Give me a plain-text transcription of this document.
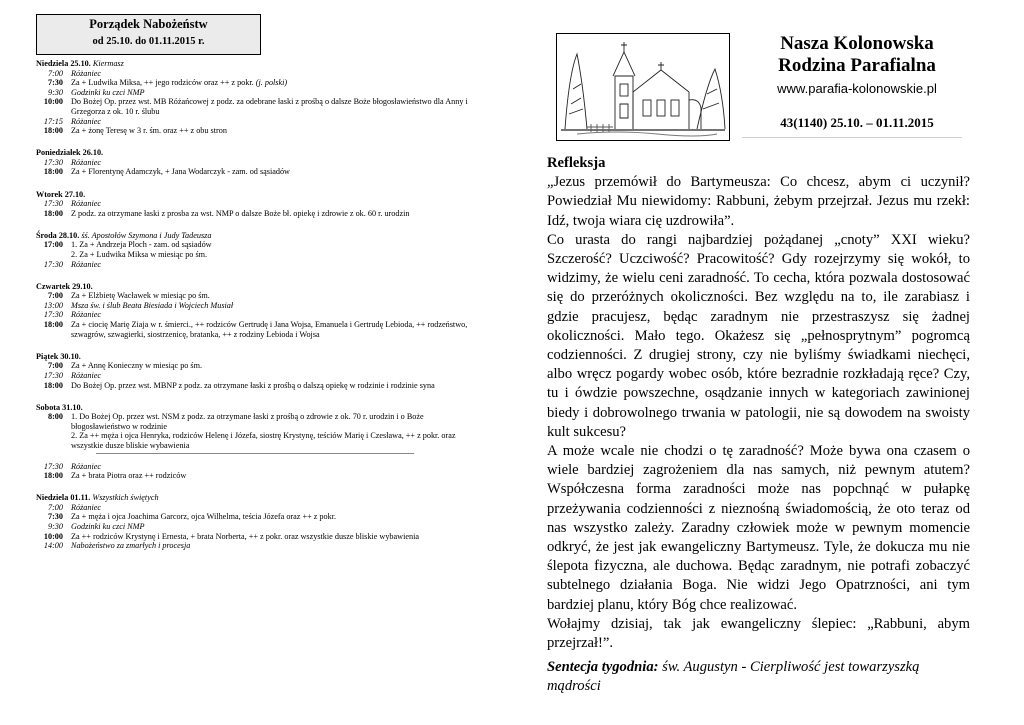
Porządek Nabożeństw
od 25.10. do 01.11.2015 r.
Niedziela 25.10. Kiermasz
7:00 Różaniec
7:30 Za + Ludwika Miksa, ++ jego rodziców oraz ++ z pokr. (j. polski)
9:30 Godzinki ku czci NMP
10:00 Do Bożej Op. przez wst. MB Różańcowej z podz. za odebrane łaski z prośbą o dalsze Boże błogosławieństwo dla Anny i Grzegorza z ok. 10 r. ślubu
17:15 Różaniec
18:00 Za + żonę Teresę w 3 r. śm. oraz ++ z obu stron
Poniedziałek 26.10.
17:30 Różaniec
18:00 Za + Florentynę Adamczyk, + Jana Wodarczyk - zam. od sąsiadów
Wtorek 27.10.
17:30 Różaniec
18:00 Z podz. za otrzymane łaski z prosba za wst. NMP o dalsze Boże bł. opiekę i zdrowie z ok. 60 r. urodzin
Środa 28.10. śś. Apostołów Szymona i Judy Tadeusza
17:00 1. Za + Andrzeja Ploch - zam. od sąsiadów
2. Za + Ludwika Miksa w miesiąc po śm.
17:30 Różaniec
Czwartek 29.10.
7:00 Za + Elżbietę Wacławek w miesiąc po śm.
13:00 Msza św. i ślub Beata Biesiada i Wojciech Musiał
17:30 Różaniec
18:00 Za + ciocię Marię Ziaja w r. śmierci., ++ rodziców Gertrudę i Jana Wojsa, Emanuela i Gertrudę Lebioda, ++ rodzeństwo, szwagrów, szwagierki, siostrzenicę, bratanka, ++ z rodziny Lebioda i Wojsa
Piątek 30.10.
7:00 Za + Annę Konieczny w miesiąc po śm.
17:30 Różaniec
18:00 Do Bożej Op. przez wst. MBNP z podz. za otrzymane łaski z prośbą o dalszą opiekę w rodzinie i rodzinie syna
Sobota 31.10.
8:00 1. Do Bożej Op. przez wst. NSM z podz. za otrzymane łaski z prośbą o zdrowie z ok. 70 r. urodzin i o Boże błogosławieństwo w rodzinie
2. Za ++ męża i ojca Henryka, rodziców Helenę i Józefa, siostrę Krystynę, teściów Marię i Czesława, ++ z pokr. oraz wszystkie dusze bliskie wybawienia
17:30 Różaniec
18:00 Za + brata Piotra oraz ++ rodziców
Niedziela 01.11. Wszystkich świętych
7:00 Różaniec
7:30 Za + męża i ojca Joachima Garcorz, ojca Wilhelma, teścia Józefa oraz ++ z pokr.
9:30 Godzinki ku czci NMP
10:00 Za ++ rodziców Krystynę i Ernesta, + brata Norberta, ++ z pokr. oraz wszystkie dusze bliskie wybawienia
14:00 Nabożeństwo za zmarłych i procesja
Nasza Kolonowska
Rodzina Parafialna
www.parafia-kolonowskie.pl
43(1140) 25.10. – 01.11.2015
Refleksja

„Jezus przemówił do Bartymeusza: Co chcesz, abym ci uczynił? Powiedział Mu niewidomy: Rabbuni, żebym przejrzał. Jezus mu rzekł: Idź, twoja wiara cię uzdrowiła”.

Co urasta do rangi najbardziej pożądanej „cnoty” XXI wieku? Szczerość? Uczciwość? Pracowitość? Gdy rozejrzymy się wokół, to widzimy, że wielu ceni zaradność. To cecha, która pozwala dostosować się do przeróżnych okoliczności. Bez względu na to, ile zarabiasz i gdzie pracujesz, będąc zaradnym nie przestraszysz się żadnej okoliczności. Mało tego. Okażesz się „pełnosprytnym” pogromcą codzienności. Z drugiej strony, czy nie byliśmy świadkami niechęci, albo wręcz pogardy wobec osób, które bezradnie rozkładają ręce? Czy, tu i ówdzie powszechne, osądzanie innych w kategoriach zawinionej biedy i dobrowolnego trwania w patologii, nie są dowodem na swoisty kult sukcesu?

A może wcale nie chodzi o tę zaradność? Może bywa ona czasem o wiele bardziej zagrożeniem dla nas samych, niż pewnym atutem? Współczesna forma zaradności może nas popchnąć w pułapkę przeżywania codzienności z nieznośną świadomością, że oto teraz od nas wszystko zależy. Zaradny człowiek może w pewnym momencie odkryć, że jest jak ewangeliczny Bartymeusz. Tyle, że dokucza mu nie ślepota fizyczna, ale duchowa. Będąc zaradnym, nie potrafi zobaczyć subtelnego działania Boga. Nie widzi Jego Opatrzności, ani tym bardziej planu, który Bóg chce realizować.

Wołajmy dzisiaj, tak jak ewangeliczny ślepiec: „Rabbuni, abym przejrzał!”.

Sentecja tygodnia: św. Augustyn - Cierpliwość jest towarzyszką mądrości
